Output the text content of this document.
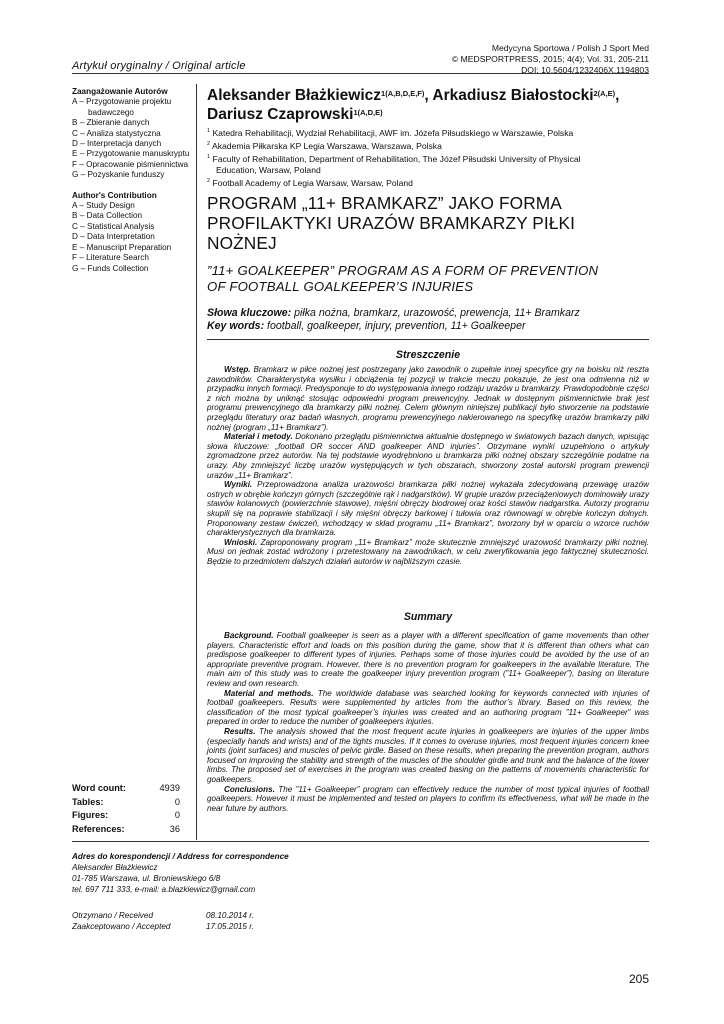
Medycyna Sportowa / Polish J Sport Med
© MEDSPORTPRESS, 2015; 4(4); Vol. 31, 205-211
DOI: 10.5604/1232406X.1194803
Artykuł oryginalny / Original article
Zaangażowanie Autorów
A – Przygotowanie projektu
badawczego
B – Zbieranie danych
C – Analiza statystyczna
D – Interpretacja danych
E – Przygotowanie manuskryptu
F – Opracowanie piśmiennictwa
G – Pozyskanie funduszy
Author's Contribution
A – Study Design
B – Data Collection
C – Statistical Analysis
D – Data Interpretation
E – Manuscript Preparation
F – Literature Search
G – Funds Collection
Aleksander Błażkiewicz$^{1(A,B,D,E,F)}$, Arkadiusz Białostocki$^{2(A,E)}$,
Dariusz Czaprowski$^{1(A,D,E)}$
$^1$ Katedra Rehabilitacji, Wydział Rehabilitacji, AWF im. Józefa Piłsudskiego w Warszawie, Polska
$^2$ Akademia Piłkarska KP Legia Warszawa, Warszawa, Polska
$^1$ Faculty of Rehabilitation, Department of Rehabilitation, The Józef Piłsudski University of Physical
Education, Warsaw, Poland
$^2$ Football Academy of Legia Warsaw, Warsaw, Poland
PROGRAM „11+ BRAMKARZ” JAKO FORMA
PROFILAKTYKI URAZÓW BRAMKARZY PIŁKI
NOŻNEJ
”11+ GOALKEEPER” PROGRAM AS A FORM OF PREVENTION
OF FOOTBALL GOALKEEPER’S INJURIES
Słowa kluczowe: piłka nożna, bramkarz, urazowość, prewencja, 11+ Bramkarz
Key words: football, goalkeeper, injury, prevention, 11+ Goalkeeper
Streszczenie

Wstęp. Bramkarz w piłce nożnej jest postrzegany jako zawodnik o zupełnie innej specyfice gry na boisku niż reszta zawodników. Charakterystyka wysiłku i obciążenia tej pozycji w trakcie meczu pokazuje, że jest ona odmienna niż w przypadku innych formacji. Predysponuje to do występowania innego rodzaju urazów u bramkarzy. Prawdopodobnie części z nich można by uniknąć stosując odpowiedni program prewencyjny. Jednak w dostępnym piśmiennictwie brak jest programu prewencyjnego dla bramkarzy piłki nożnej. Celem głównym niniejszej publikacji było stworzenie na podstawie przeglądu literatury oraz badań własnych, programu prewencyjnego nakierowanego na specyfikę urazów bramkarzy piłki nożnej (program „11+ Bramkarz”).

Materiał i metody. Dokonano przeglądu piśmiennictwa aktualnie dostępnego w światowych bazach danych, wpisując słowa kluczowe: „football OR soccer AND goalkeeper AND injuries”. Otrzymane wyniki uzupełniono o artykuły zgromadzone przez autorów. Na tej podstawie wyodrębniono u bramkarza piłki nożnej obszary szczególnie podatne na urazy. Aby zmniejszyć liczbę urazów występujących w tych obszarach, stworzony został autorski program prewencji urazów „11+ Bramkarz”.

Wyniki. Przeprowadzona analiza urazowości bramkarza piłki nożnej wykazała zdecydowaną przewagę urazów ostrych w obrębie kończyn górnych (szczególnie rąk i nadgarstków). W grupie urazów przeciążeniowych dominowały urazy stawów kolanowych (powierzchnie stawowe), mięśni obręczy biodrowej oraz kości stawów nadgarstka. Autorzy programu skupili się na poprawie stabilizacji i siły mięśni obręczy barkowej i tułowia oraz równowagi w obrębie kończyn dolnych. Proponowany zestaw ćwiczeń, wchodzący w skład programu „11+ Bramkarz”, tworzony był w oparciu o wzorce ruchów charakterystycznych dla bramkarza.

Wnioski. Zaproponowany program „11+ Bramkarz” może skutecznie zmniejszyć urazowość bramkarzy piłki nożnej. Musi on jednak zostać wdrożony i przetestowany na zawodnikach, w celu zweryfikowania jego faktycznej skuteczności. Będzie to przedmiotem dalszych działań autorów w najbliższym czasie.

Summary

Background. Football goalkeeper is seen as a player with a different specification of game movements than other players. Characteristic effort and loads on this position during the game, show that it is different than others what can predispose goalkeeper to different types of injuries. Perhaps some of those injuries could be avoided by the use of an appropriate preventive program. However, there is no prevention program for goalkeepers in the available literature. The main aim of this study was to create the goalkeeper injury prevention program (”11+ Goalkeeper”), basing on literature review and own research.

Material and methods. The worldwide database was searched looking for keywords connected with injuries of football goalkeepers. Results were supplemented by articles from the author’s library. Based on this review, the classification of the most typical goalkeeper’s injuries was created and an authoring program ”11+ Goalkeeper” was prepared in order to reduce the number of goalkeepers injuries.

Results. The analysis showed that the most frequent acute injuries in goalkeepers are injuries of the upper limbs (especially hands and wrists) and of the tights muscles. If it comes to overuse injuries, most frequent injuries concern knee joints (joint surfaces) and muscles of pelvic girdle. Based on these results, when preparing the prevention program, authors focused on improving the stability and strength of the muscles of the shoulder girdle and trunk and the balance of the lower limbs. The proposed set of exercises in the program was created basing on the patterns of movements characteristic for goalkeepers.

Conclusions. The ”11+ Goalkeeper” program can effectively reduce the number of most typical injuries of football goalkeepers. However it must be implemented and tested on players to confirm its effectiveness, what will be made in the near future by authors.

Word count:	4939
Tables:	0
Figures:	0
References:	36
Adres do korespondencji / Address for correspondence
Aleksander Błażkiewicz
01-785 Warszawa, ul. Broniewskiego 6/8
tel. 697 711 333, e-mail: a.blazkiewicz@gmail.com
Otrzymano / Received	08.10.2014 r.
Zaakceptowano / Accepted	17.05.2015 r.
205
